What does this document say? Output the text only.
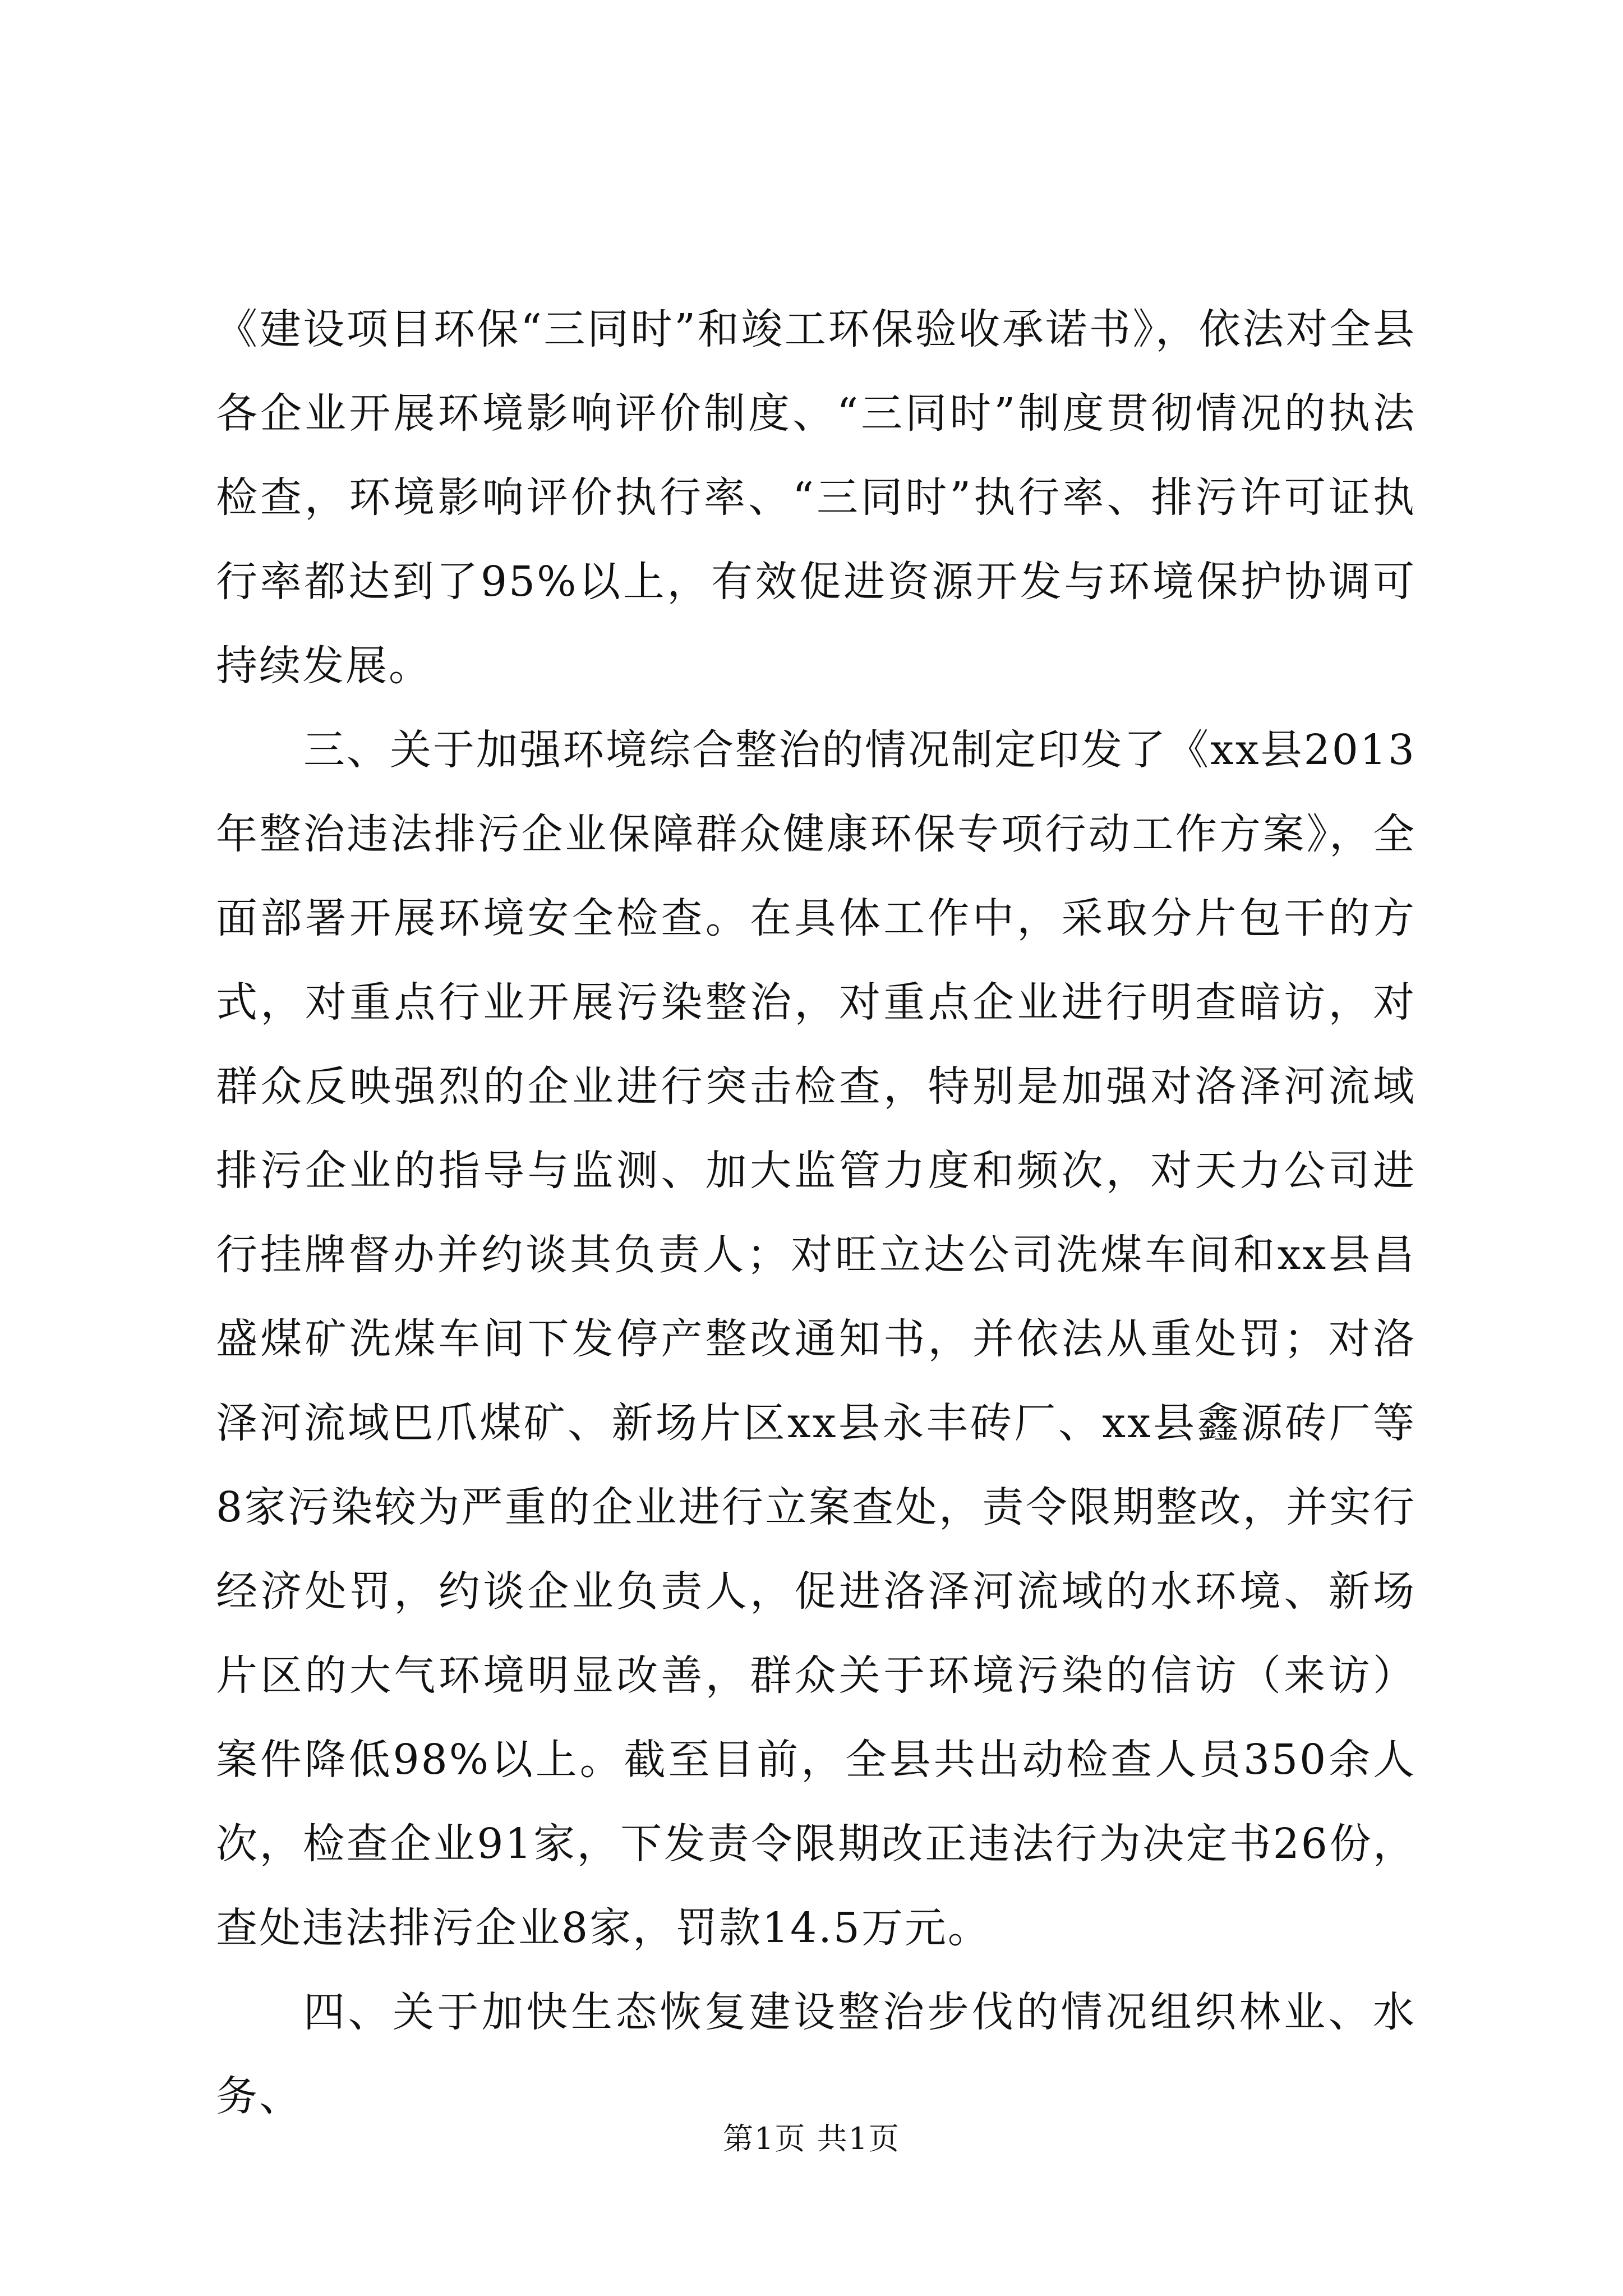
《建设项目环保“三同时”和竣工环保验收承诺书》，依法对全县各企业开展环境影响评价制度、“三同时”制度贯彻情况的执法检查，环境影响评价执行率、“三同时”执行率、排污许可证执行率都达到了95%以上，有效促进资源开发与环境保护协调可持续发展。

三、关于加强环境综合整治的情况制定印发了《xx县2013年整治违法排污企业保障群众健康环保专项行动工作方案》，全面部署开展环境安全检查。在具体工作中，采取分片包干的方式，对重点行业开展污染整治，对重点企业进行明查暗访，对群众反映强烈的企业进行突击检查，特别是加强对洛泽河流域排污企业的指导与监测、加大监管力度和频次，对天力公司进行挂牌督办并约谈其负责人；对旺立达公司洗煤车间和xx县昌盛煤矿洗煤车间下发停产整改通知书，并依法从重处罚；对洛泽河流域巴爪煤矿、新场片区xx县永丰砖厂、xx县鑫源砖厂等8家污染较为严重的企业进行立案查处，责令限期整改，并实行经济处罚，约谈企业负责人，促进洛泽河流域的水环境、新场片区的大气环境明显改善，群众关于环境污染的信访（来访）案件降低98%以上。截至目前，全县共出动检查人员350余人次，检查企业91家，下发责令限期改正违法行为决定书26份，查处违法排污企业8家，罚款14.5万元。

四、关于加快生态恢复建设整治步伐的情况组织林业、水务、

第1页 共1页
